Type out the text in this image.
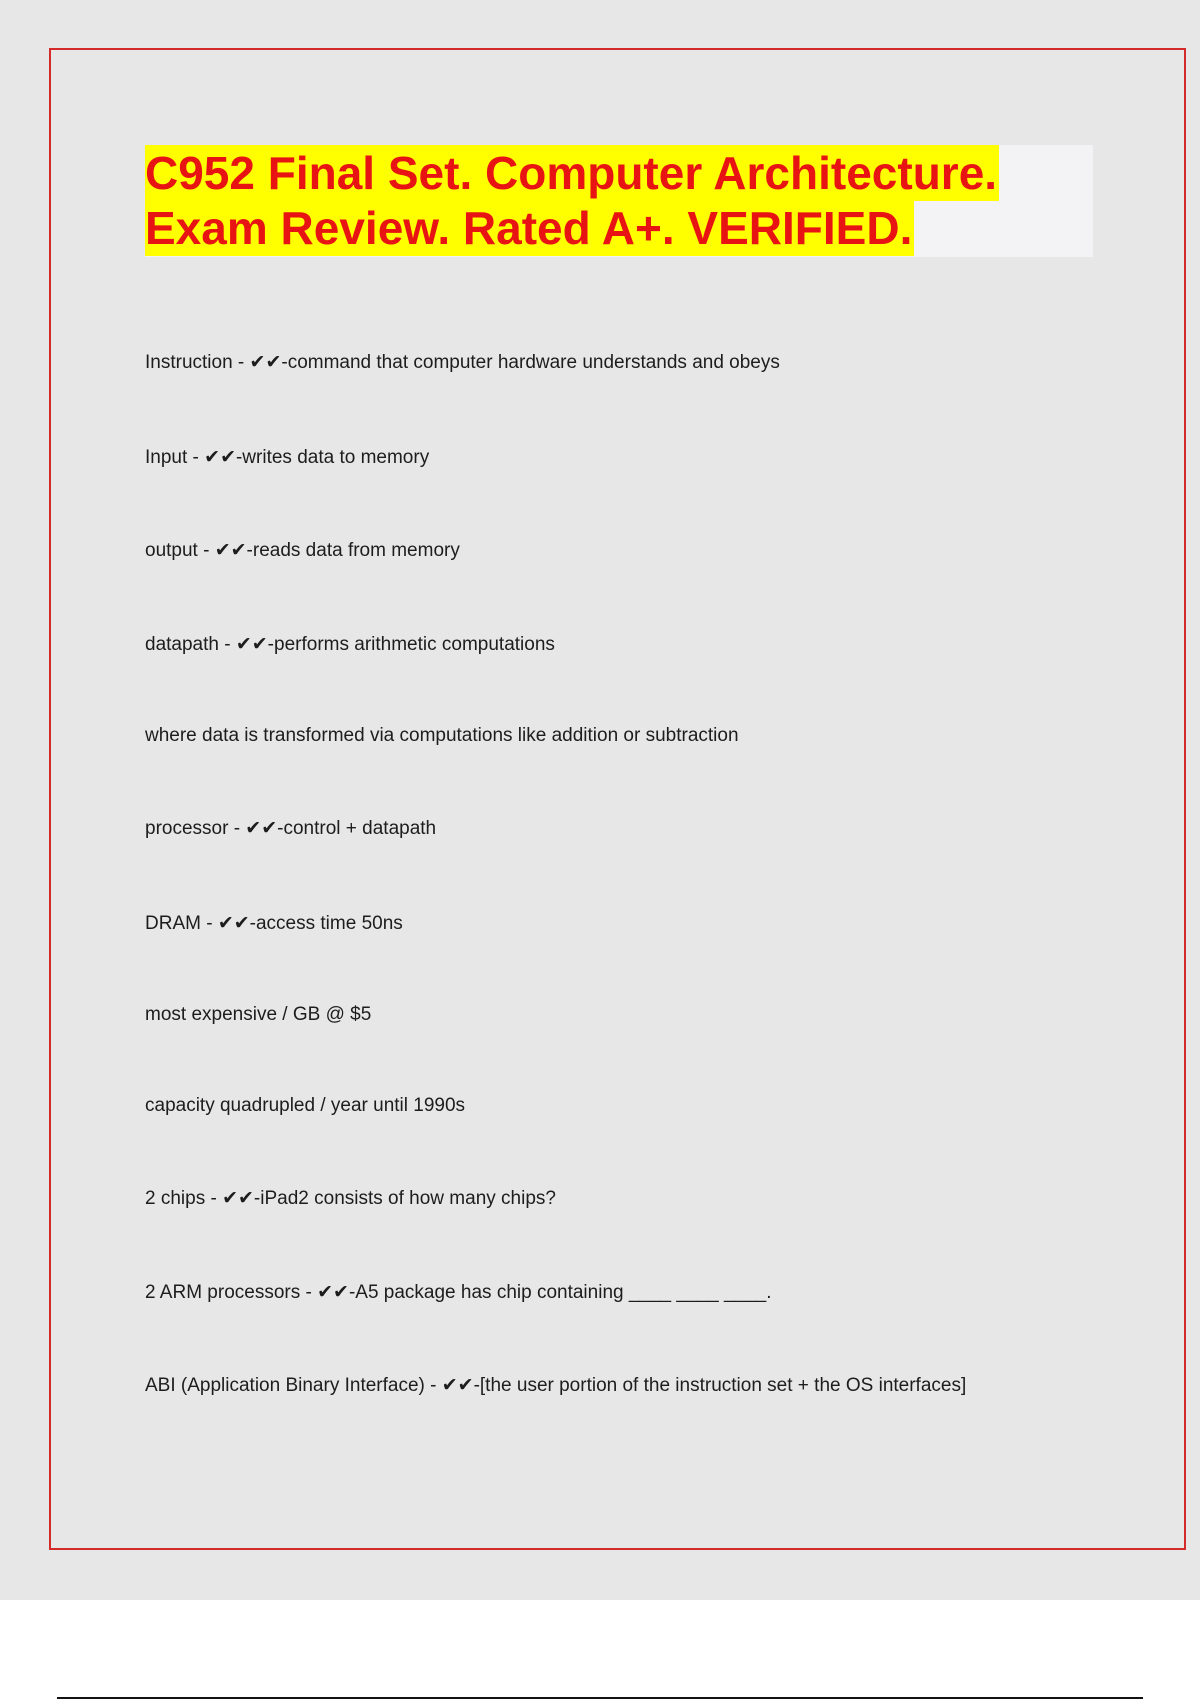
C952 Final Set. Computer Architecture.
Exam Review. Rated A+. VERIFIED.
Instruction - ✔✔-command that computer hardware understands and obeys
Input - ✔✔-writes data to memory
output - ✔✔-reads data from memory
datapath - ✔✔-performs arithmetic computations
where data is transformed via computations like addition or subtraction
processor - ✔✔-control + datapath
DRAM - ✔✔-access time 50ns
most expensive / GB @ $5
capacity quadrupled / year until 1990s
2 chips - ✔✔-iPad2 consists of how many chips?
2 ARM processors - ✔✔-A5 package has chip containing ____ ____ ____.
ABI (Application Binary Interface) - ✔✔-[the user portion of the instruction set + the OS interfaces]
